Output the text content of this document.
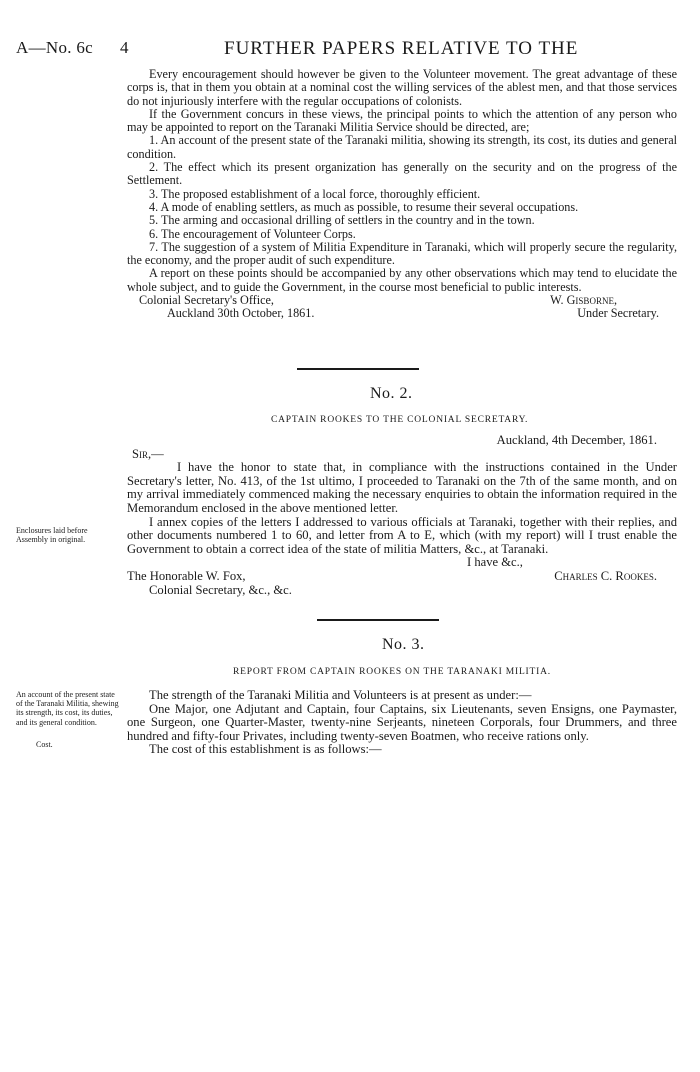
A—No. 6c 4	FURTHER PAPERS RELATIVE TO THE

Every encouragement should however be given to the Volunteer movement. The great advantage of these corps is, that in them you obtain at a nominal cost the willing services of the ablest men, and that those services do not injuriously interfere with the regular occupations of colonists.

If the Government concurs in these views, the principal points to which the attention of any person who may be appointed to report on the Taranaki Militia Service should be directed, are;

1. An account of the present state of the Taranaki militia, showing its strength, its cost, its duties and general condition.

2. The effect which its present organization has generally on the security and on the progress of the Settlement.

3. The proposed establishment of a local force, thoroughly efficient.

4. A mode of enabling settlers, as much as possible, to resume their several occupations.

5. The arming and occasional drilling of settlers in the country and in the town.

6. The encouragement of Volunteer Corps.

7. The suggestion of a system of Militia Expenditure in Taranaki, which will properly secure the regularity, the economy, and the proper audit of such expenditure.

A report on these points should be accompanied by any other observations which may tend to elucidate the whole subject, and to guide the Government, in the course most beneficial to public interests.

Colonial Secretary's Office,	W. Gisborne,
Auckland 30th October, 1861.	Under Secretary.
No. 2.
CAPTAIN ROOKES TO THE COLONIAL SECRETARY.
Auckland, 4th December, 1861.
Sir,—

I have the honor to state that, in compliance with the instructions contained in the Under Secretary's letter, No. 413, of the 1st ultimo, I proceeded to Taranaki on the 7th of the same month, and on my arrival immediately commenced making the necessary enquiries to obtain the information required in the Memorandum enclosed in the above mentioned letter.

I annex copies of the letters I addressed to various officials at Taranaki, together with their replies, and other documents numbered 1 to 60, and letter from A to E, which (with my report) will I trust enable the Government to obtain a correct idea of the state of militia Matters, &c., at Taranaki.

I have &c.,
The Honorable W. Fox,	Charles C. Rookes.
Colonial Secretary, &c., &c.
Enclosures laid before Assembly in original.
No. 3.
REPORT FROM CAPTAIN ROOKES ON THE TARANAKI MILITIA.

The strength of the Taranaki Militia and Volunteers is at present as under:—

One Major, one Adjutant and Captain, four Captains, six Lieutenants, seven Ensigns, one Paymaster, one Surgeon, one Quarter-Master, twenty-nine Serjeants, nineteen Corporals, four Drummers, and three hundred and fifty-four Privates, including twenty-seven Boatmen, who receive rations only.

The cost of this establishment is as follows:—

An account of the present state of the Taranaki Militia, shewing its strength, its cost, its duties, and its general condition.
Cost.
